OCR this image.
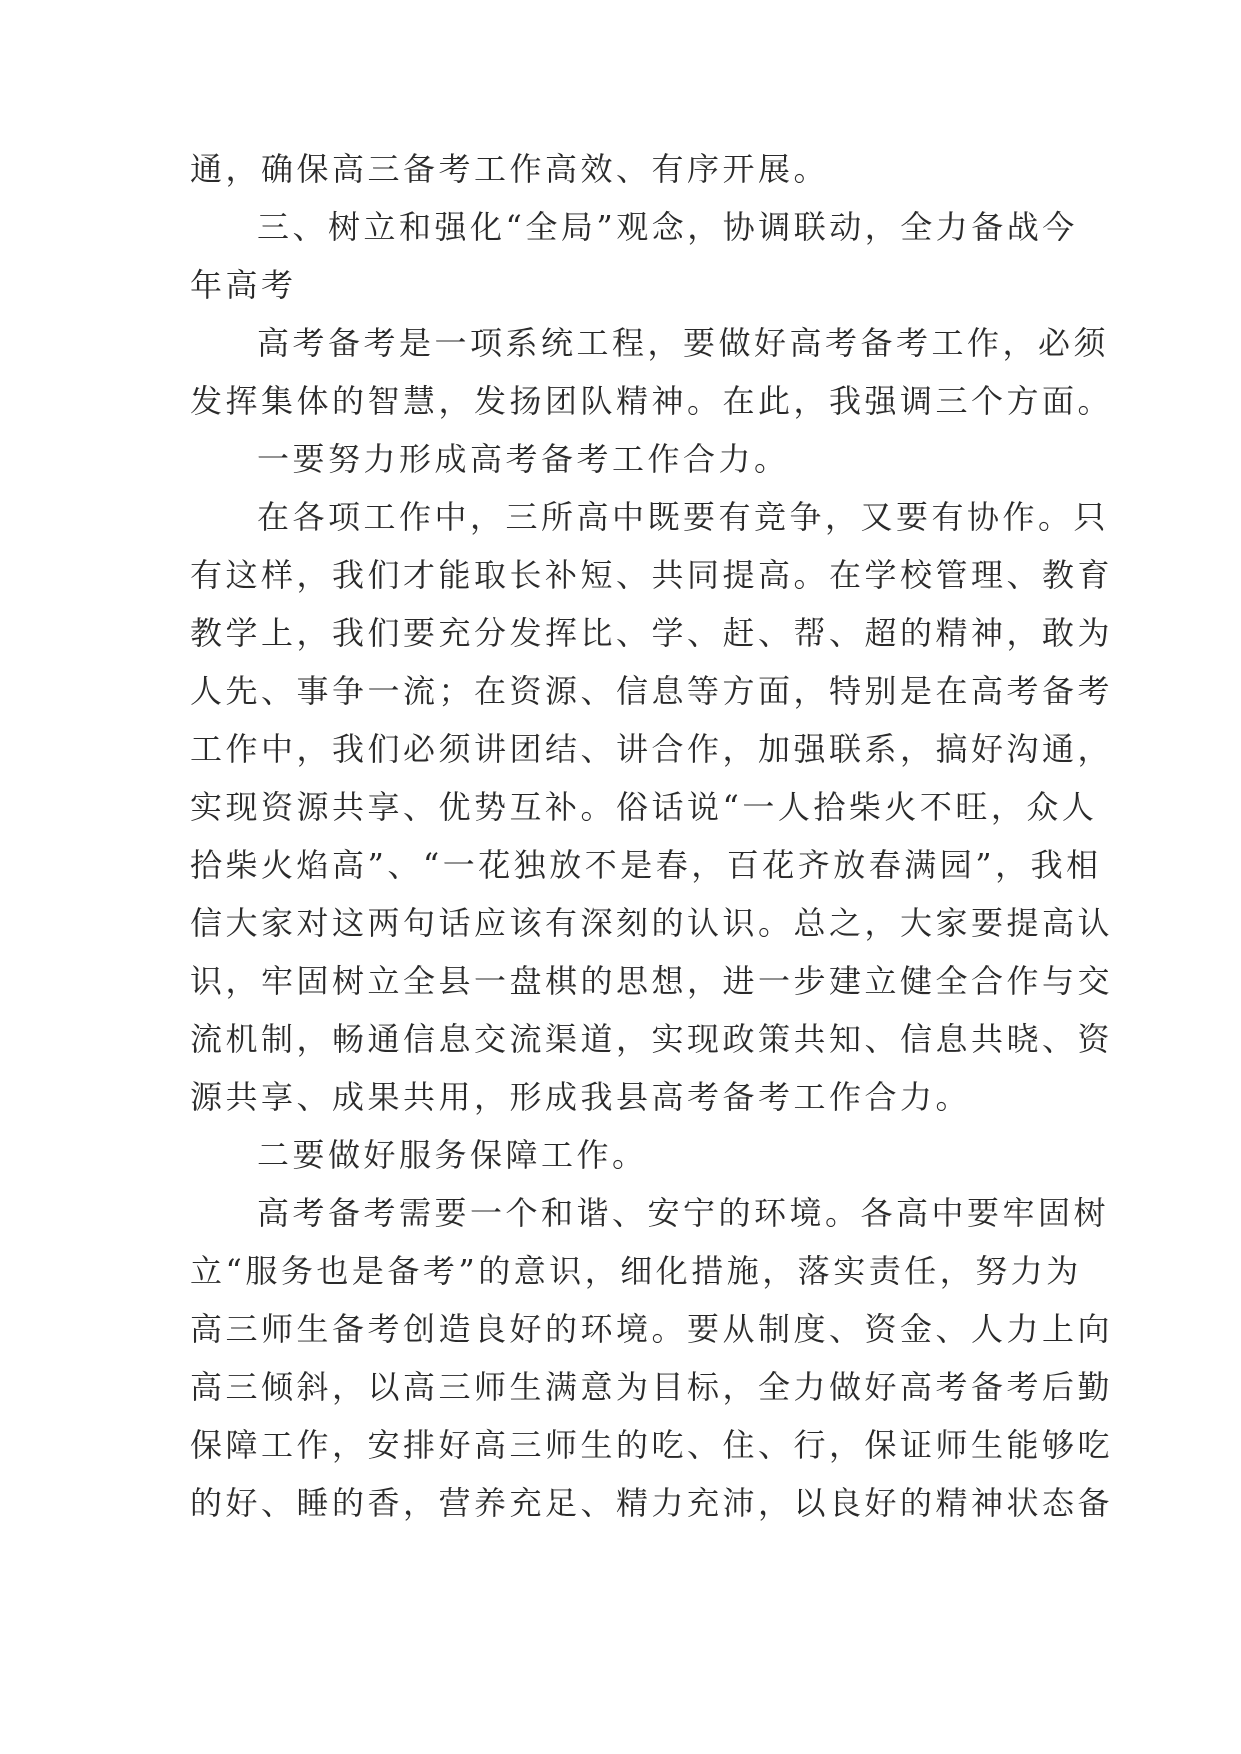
通，确保高三备考工作高效、有序开展。

三、树立和强化“全局”观念，协调联动，全力备战今

年高考

高考备考是一项系统工程，要做好高考备考工作，必须

发挥集体的智慧，发扬团队精神。在此，我强调三个方面。

一要努力形成高考备考工作合力。

在各项工作中，三所高中既要有竞争，又要有协作。只

有这样，我们才能取长补短、共同提高。在学校管理、教育

教学上，我们要充分发挥比、学、赶、帮、超的精神，敢为

人先、事争一流；在资源、信息等方面，特别是在高考备考

工作中，我们必须讲团结、讲合作，加强联系，搞好沟通，

实现资源共享、优势互补。俗话说“一人拾柴火不旺，众人

拾柴火焰高”、“一花独放不是春，百花齐放春满园”，我相

信大家对这两句话应该有深刻的认识。总之，大家要提高认

识，牢固树立全县一盘棋的思想，进一步建立健全合作与交

流机制，畅通信息交流渠道，实现政策共知、信息共晓、资

源共享、成果共用，形成我县高考备考工作合力。

二要做好服务保障工作。

高考备考需要一个和谐、安宁的环境。各高中要牢固树

立“服务也是备考”的意识，细化措施，落实责任，努力为

高三师生备考创造良好的环境。要从制度、资金、人力上向

高三倾斜，以高三师生满意为目标，全力做好高考备考后勤

保障工作，安排好高三师生的吃、住、行，保证师生能够吃

的好、睡的香，营养充足、精力充沛，以良好的精神状态备
